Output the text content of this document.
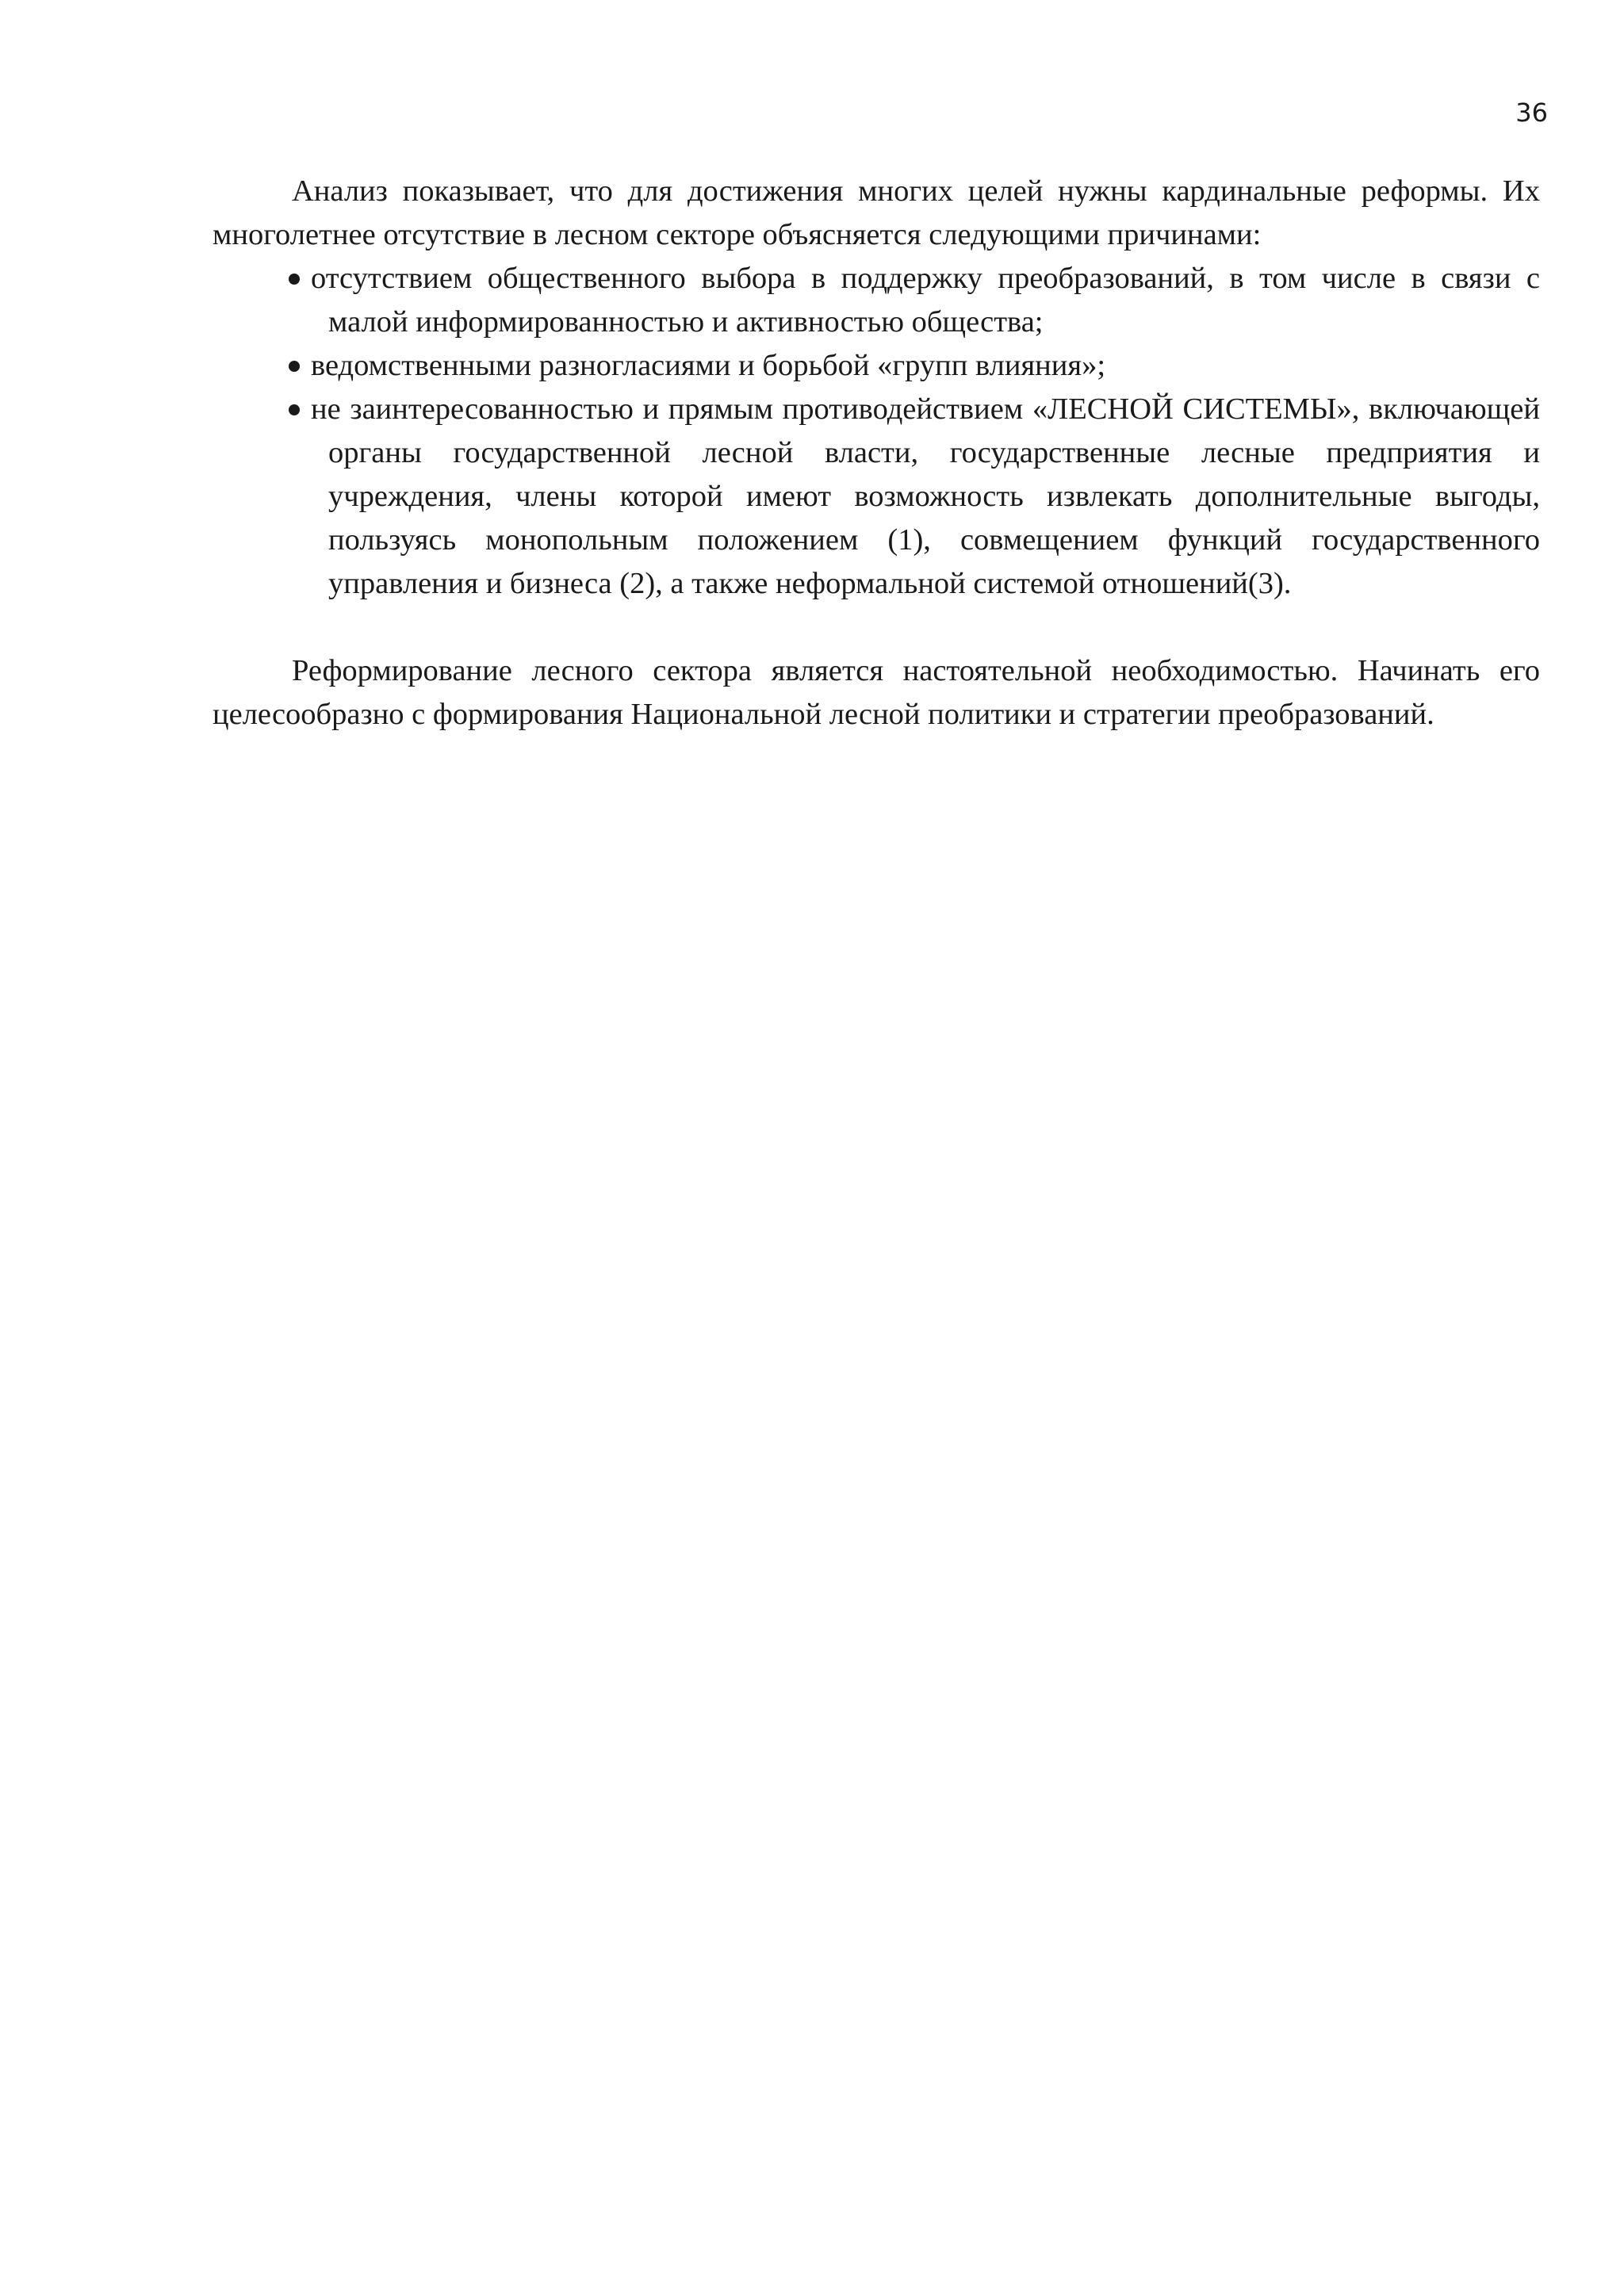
36

Анализ показывает, что для достижения многих целей нужны кардинальные реформы. Их многолетнее отсутствие в лесном секторе объясняется следующими причинами:

отсутствием общественного выбора в поддержку преобразований, в том числе в связи с малой информированностью и активностью общества;
ведомственными разногласиями и борьбой «групп влияния»;
не заинтересованностью и прямым противодействием «ЛЕСНОЙ СИСТЕМЫ», включающей органы государственной лесной власти, государственные лесные предприятия и учреждения, члены которой имеют возможность извлекать дополнительные выгоды, пользуясь монопольным положением (1), совмещением функций государственного управления и бизнеса (2), а также неформальной системой отношений(3).

Реформирование лесного сектора является настоятельной необходимостью. Начинать его целесообразно с формирования Национальной лесной политики и стратегии преобразований.
